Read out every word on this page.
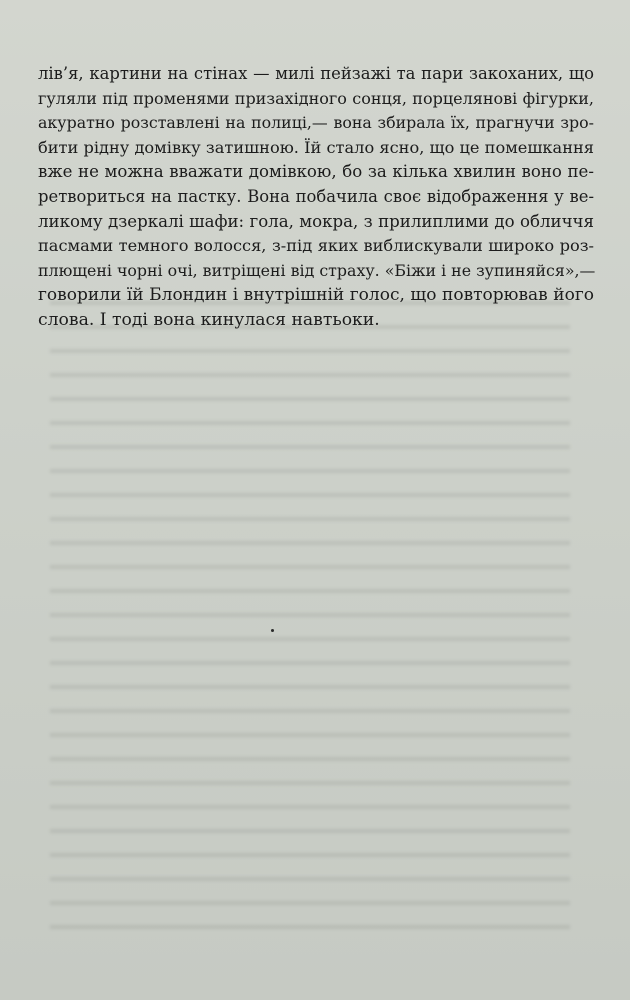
лів’я, картини на стінах — милі пейзажі та пари закоханих, що
гуляли під променями призахідного сонця, порцелянові фігурки,
акуратно розставлені на полиці,— вона збирала їх, прагнучи зро-
бити рідну домівку затишною. Їй стало ясно, що це помешкання
вже не можна вважати домівкою, бо за кілька хвилин воно пе-
ретвориться на пастку. Вона побачила своє відображення у ве-
ликому дзеркалі шафи: гола, мокра, з прилиплими до обличчя
пасмами темного волосся, з-під яких виблискували широко роз-
плющені чорні очі, витріщені від страху. «Біжи і не зупиняйся»,—
говорили їй Блондин і внутрішній голос, що повторював його
слова. І тоді вона кинулася навтьоки.
